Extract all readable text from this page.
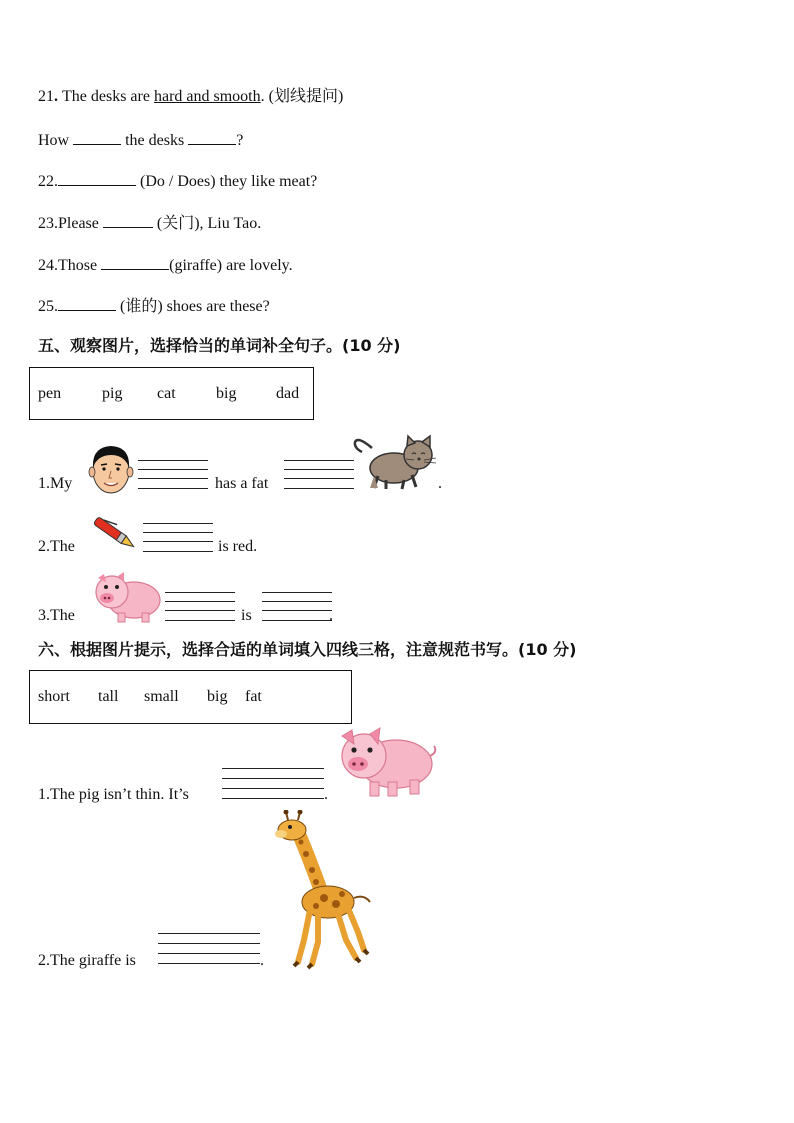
21. The desks are hard and smooth. (划线提问)
How	the desks	?
22.	(Do / Does) they like meat?
23.Please	(关门), Liu Tao.
24.Those	(giraffe) are lovely.
25.	(谁的) shoes are these?
五、观察图片，选择恰当的单词补全句子。(10 分)
pen	pig cat	big dad
1.My	has a fat	.
2.The	is red.
3.The	is	.
六、根据图片提示，选择合适的单词填入四线三格，注意规范书写。(10 分)
short tall small big fat
1.The pig isn’t thin. It’s	.
2.The giraffe is	.
